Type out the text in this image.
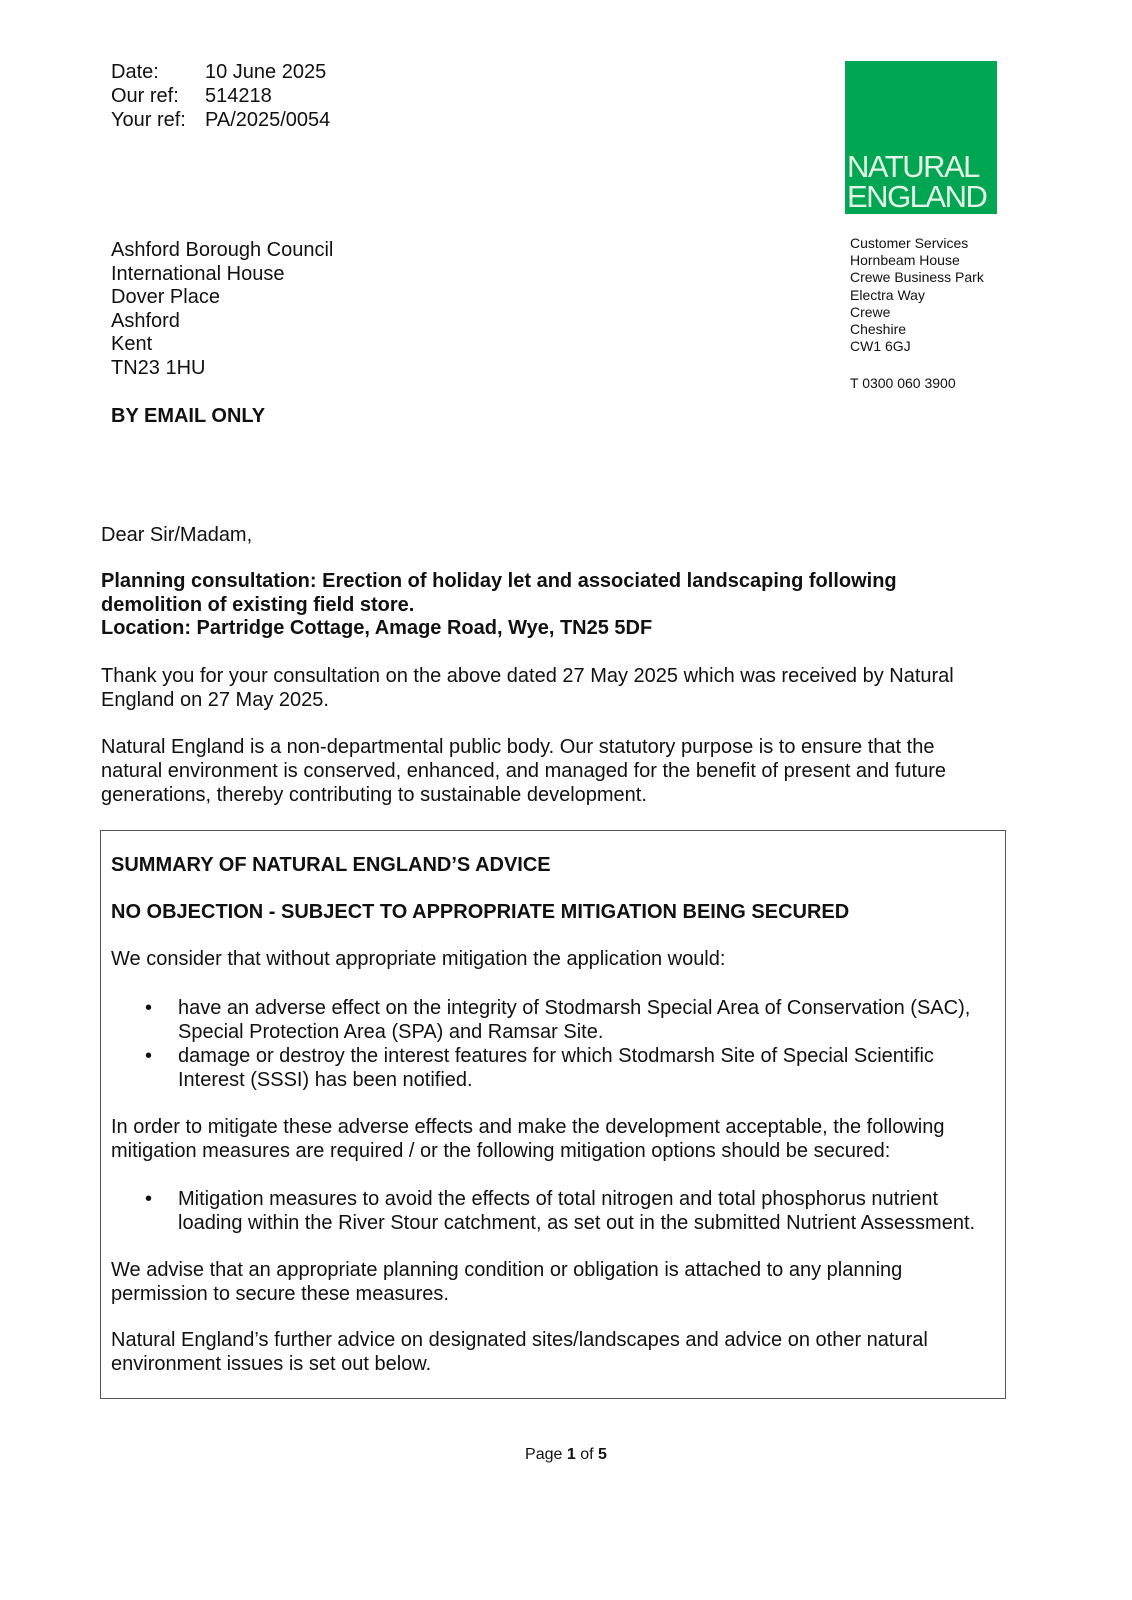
Date:	10 June 2025
Our ref:	514218
Your ref:	PA/2025/0054
NATURAL
ENGLAND
Ashford Borough Council
International House
Dover Place
Ashford
Kent
TN23 1HU
BY EMAIL ONLY
Customer Services
Hornbeam House
Crewe Business Park
Electra Way
Crewe
Cheshire
CW1 6GJ
T 0300 060 3900
Dear Sir/Madam,
Planning consultation: Erection of holiday let and associated landscaping following
demolition of existing field store.
Location: Partridge Cottage, Amage Road, Wye, TN25 5DF
Thank you for your consultation on the above dated 27 May 2025 which was received by Natural
England on 27 May 2025.
Natural England is a non-departmental public body. Our statutory purpose is to ensure that the
natural environment is conserved, enhanced, and managed for the benefit of present and future
generations, thereby contributing to sustainable development.
SUMMARY OF NATURAL ENGLAND’S ADVICE
NO OBJECTION - SUBJECT TO APPROPRIATE MITIGATION BEING SECURED
We consider that without appropriate mitigation the application would:
• have an adverse effect on the integrity of Stodmarsh Special Area of Conservation (SAC),
Special Protection Area (SPA) and Ramsar Site.
• damage or destroy the interest features for which Stodmarsh Site of Special Scientific
Interest (SSSI) has been notified.
In order to mitigate these adverse effects and make the development acceptable, the following
mitigation measures are required / or the following mitigation options should be secured:
• Mitigation measures to avoid the effects of total nitrogen and total phosphorus nutrient
loading within the River Stour catchment, as set out in the submitted Nutrient Assessment.
We advise that an appropriate planning condition or obligation is attached to any planning
permission to secure these measures.
Natural England’s further advice on designated sites/landscapes and advice on other natural
environment issues is set out below.
Page 1 of 5
